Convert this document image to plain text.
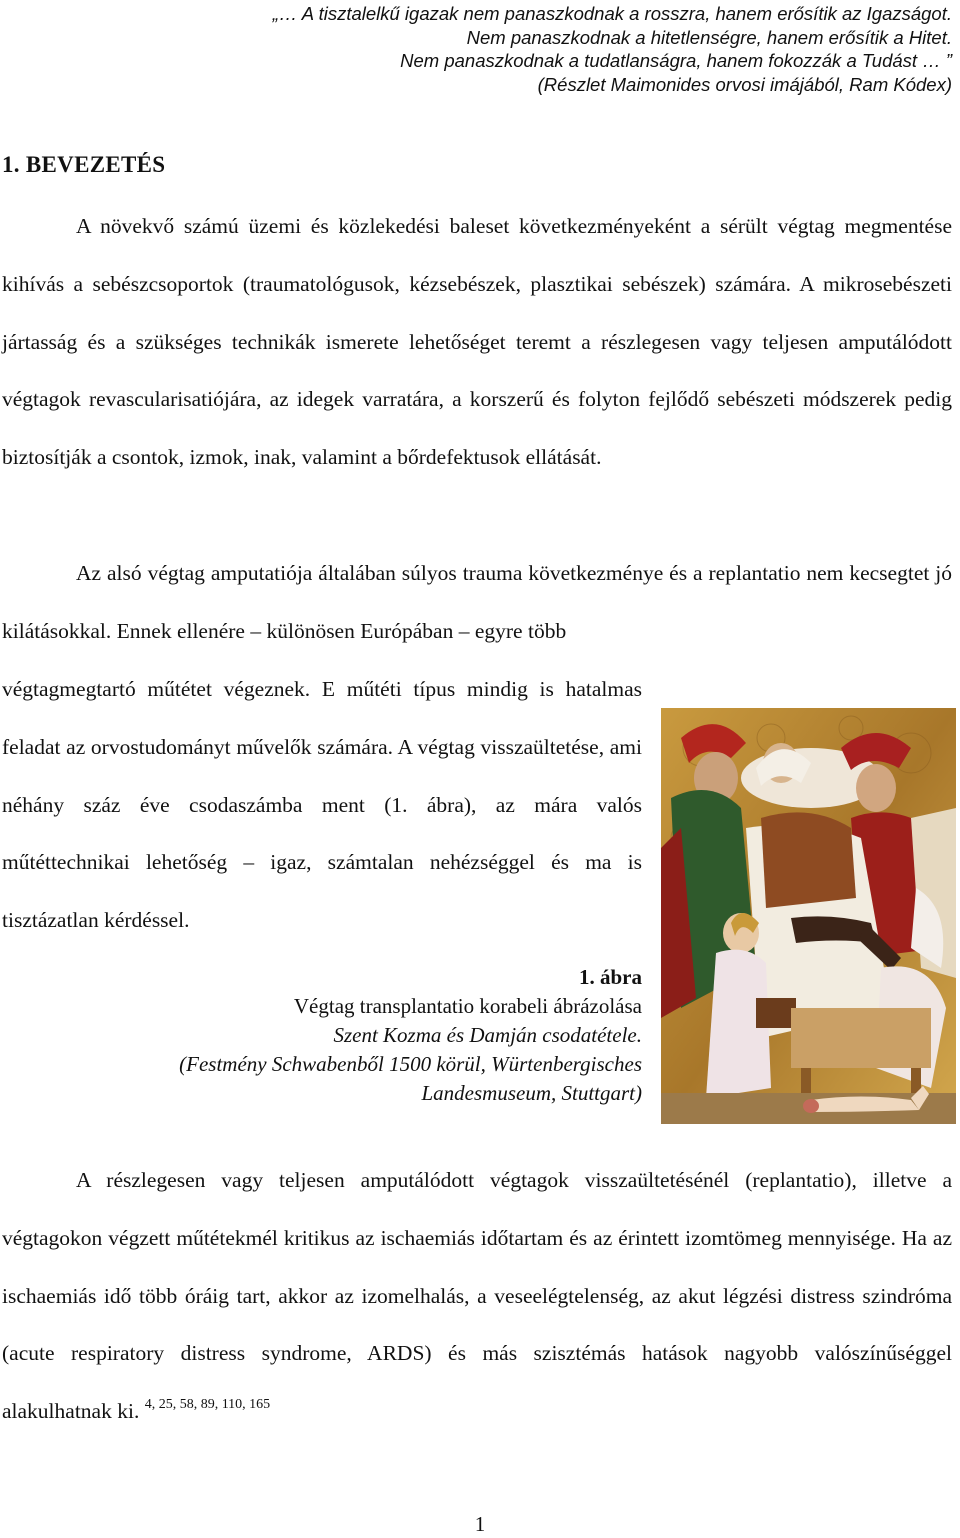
„… A tisztalelkű igazak nem panaszkodnak a rosszra, hanem erősítik az Igazságot.
Nem panaszkodnak a hitetlenségre, hanem erősítik a Hitet.
Nem panaszkodnak a tudatlanságra, hanem fokozzák a Tudást … ”
(Részlet Maimonides orvosi imájából, Ram Kódex)
1. BEVEZETÉS

A növekvő számú üzemi és közlekedési baleset következményeként a sérült végtag megmentése kihívás a sebészcsoportok (traumatológusok, kézsebészek, plasztikai sebészek) számára. A mikrosebészeti jártasság és a szükséges technikák ismerete lehetőséget teremt a részlegesen vagy teljesen amputálódott végtagok revascularisatiójára, az idegek varratára, a korszerű és folyton fejlődő sebészeti módszerek pedig biztosítják a csontok, izmok, inak, valamint a bőrdefektusok ellátását.

Az alsó végtag amputatiója általában súlyos trauma következménye és a replantatio nem kecsegtet jó kilátásokkal. Ennek ellenére – különösen Európában – egyre több

végtagmegtartó műtétet végeznek. E műtéti típus mindig is hatalmas feladat az orvostudományt művelők számára. A végtag visszaültetése, ami néhány száz éve csodaszámba ment (1. ábra), az mára valós műtéttechnikai lehetőség – igaz, számtalan nehézséggel és ma is tisztázatlan kérdéssel.

1. ábra
Végtag transplantatio korabeli ábrázolása
Szent Kozma és Damján csodatétele.
(Festmény Schwabenből 1500 körül, Würtenbergisches
Landesmuseum, Stuttgart)

A részlegesen vagy teljesen amputálódott végtagok visszaültetésénél (replantatio), illetve a végtagokon végzett műtétekmél kritikus az ischaemiás időtartam és az érintett izomtömeg mennyisége. Ha az ischaemiás idő több óráig tart, akkor az izomelhalás, a veseelégtelenség, az akut légzési distress szindróma (acute respiratory distress syndrome, ARDS) és más szisztémás hatások nagyobb valószínűséggel alakulhatnak ki. $^{4, 25, 58, 89, 110, 165}$

1
